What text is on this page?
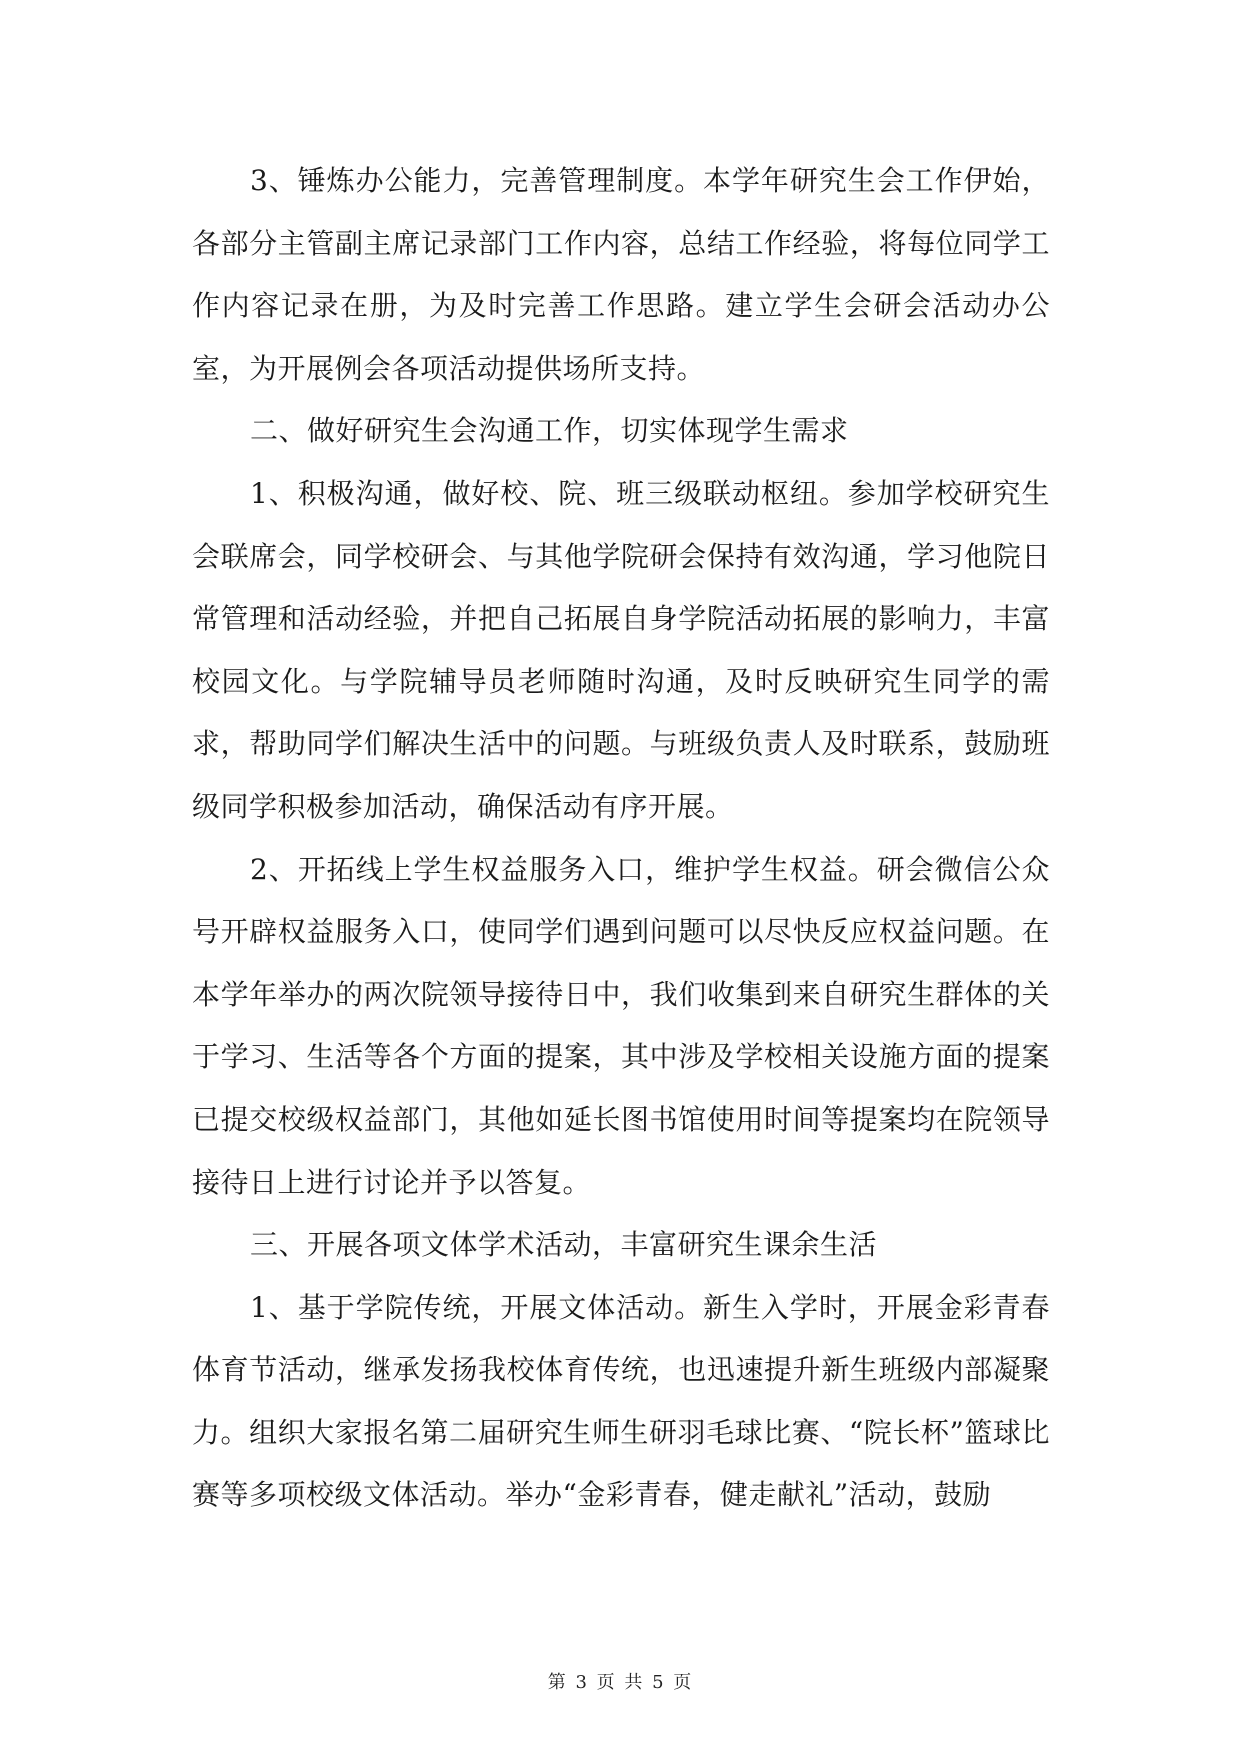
3、锤炼办公能力，完善管理制度。本学年研究生会工作伊始，各部分主管副主席记录部门工作内容，总结工作经验，将每位同学工作内容记录在册，为及时完善工作思路。建立学生会研会活动办公室，为开展例会各项活动提供场所支持。

二、做好研究生会沟通工作，切实体现学生需求

1、积极沟通，做好校、院、班三级联动枢纽。参加学校研究生会联席会，同学校研会、与其他学院研会保持有效沟通，学习他院日常管理和活动经验，并把自己拓展自身学院活动拓展的影响力，丰富校园文化。与学院辅导员老师随时沟通，及时反映研究生同学的需求，帮助同学们解决生活中的问题。与班级负责人及时联系，鼓励班级同学积极参加活动，确保活动有序开展。

2、开拓线上学生权益服务入口，维护学生权益。研会微信公众号开辟权益服务入口，使同学们遇到问题可以尽快反应权益问题。在本学年举办的两次院领导接待日中，我们收集到来自研究生群体的关于学习、生活等各个方面的提案，其中涉及学校相关设施方面的提案已提交校级权益部门，其他如延长图书馆使用时间等提案均在院领导接待日上进行讨论并予以答复。

三、开展各项文体学术活动，丰富研究生课余生活

1、基于学院传统，开展文体活动。新生入学时，开展金彩青春体育节活动，继承发扬我校体育传统，也迅速提升新生班级内部凝聚力。组织大家报名第二届研究生师生研羽毛球比赛、“院长杯”篮球比赛等多项校级文体活动。举办“金彩青春，健走献礼”活动，鼓励

第 3 页 共 5 页
